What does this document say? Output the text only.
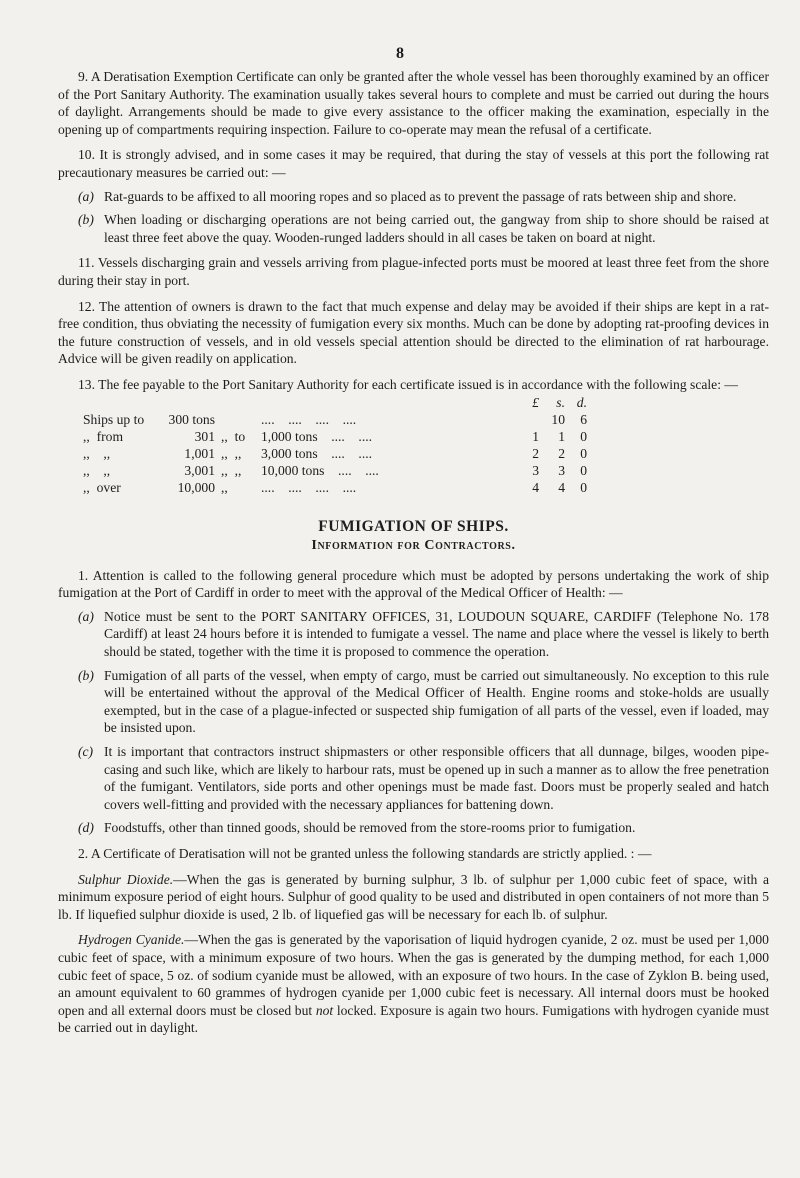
8

9. A Deratisation Exemption Certificate can only be granted after the whole vessel has been thoroughly examined by an officer of the Port Sanitary Authority. The examination usually takes several hours to complete and must be carried out during the hours of daylight. Arrangements should be made to give every assistance to the officer making the examination, especially in the opening up of compartments requiring inspection. Failure to co-operate may mean the refusal of a certificate.

10. It is strongly advised, and in some cases it may be required, that during the stay of vessels at this port the following rat precautionary measures be carried out: —

(a) Rat-guards to be affixed to all mooring ropes and so placed as to prevent the passage of rats between ship and shore.
(b) When loading or discharging operations are not being carried out, the gangway from ship to shore should be raised at least three feet above the quay. Wooden-runged ladders should in all cases be taken on board at night.

11. Vessels discharging grain and vessels arriving from plague-infected ports must be moored at least three feet from the shore during their stay in port.

12. The attention of owners is drawn to the fact that much expense and delay may be avoided if their ships are kept in a rat-free condition, thus obviating the necessity of fumigation every six months. Much can be done by adopting rat-proofing devices in the future construction of vessels, and in old vessels special attention should be directed to the elimination of rat harbourage. Advice will be given readily on application.

13. The fee payable to the Port Sanitary Authority for each certificate issued is in accordance with the following scale: —

				£	s.	d.
Ships up to	300 tons		....    ....    ....    ....		10	6
,,  from	301	,,  to	1,000 tons    ....    ....	1	1	0
,,    ,,	1,001	,,  ,,	3,000 tons    ....    ....	2	2	0
,,    ,,	3,001	,,  ,,	10,000 tons    ....    ....	3	3	0
,,  over	10,000	,,	....    ....    ....    ....	4	4	0
FUMIGATION OF SHIPS.
Information for Contractors.

1. Attention is called to the following general procedure which must be adopted by persons undertaking the work of ship fumigation at the Port of Cardiff in order to meet with the approval of the Medical Officer of Health: —

(a) Notice must be sent to the PORT SANITARY OFFICES, 31, LOUDOUN SQUARE, CARDIFF (Telephone No. 178 Cardiff) at least 24 hours before it is intended to fumigate a vessel. The name and place where the vessel is likely to berth should be stated, together with the time it is proposed to commence the operation.
(b) Fumigation of all parts of the vessel, when empty of cargo, must be carried out simultaneously. No exception to this rule will be entertained without the approval of the Medical Officer of Health. Engine rooms and stoke-holds are usually exempted, but in the case of a plague-infected or suspected ship fumigation of all parts of the vessel, even if loaded, may be insisted upon.
(c) It is important that contractors instruct shipmasters or other responsible officers that all dunnage, bilges, wooden pipe-casing and such like, which are likely to harbour rats, must be opened up in such a manner as to allow the free penetration of the fumigant. Ventilators, side ports and other openings must be made fast. Doors must be properly sealed and hatch covers well-fitting and provided with the necessary appliances for battening down.
(d) Foodstuffs, other than tinned goods, should be removed from the store-rooms prior to fumigation.

2. A Certificate of Deratisation will not be granted unless the following standards are strictly applied. : —

Sulphur Dioxide.—When the gas is generated by burning sulphur, 3 lb. of sulphur per 1,000 cubic feet of space, with a minimum exposure period of eight hours. Sulphur of good quality to be used and distributed in open containers of not more than 5 lb. If liquefied sulphur dioxide is used, 2 lb. of liquefied gas will be necessary for each lb. of sulphur.

Hydrogen Cyanide.—When the gas is generated by the vaporisation of liquid hydrogen cyanide, 2 oz. must be used per 1,000 cubic feet of space, with a minimum exposure of two hours. When the gas is generated by the dumping method, for each 1,000 cubic feet of space, 5 oz. of sodium cyanide must be allowed, with an exposure of two hours. In the case of Zyklon B. being used, an amount equivalent to 60 grammes of hydrogen cyanide per 1,000 cubic feet is necessary. All internal doors must be hooked open and all external doors must be closed but not locked. Exposure is again two hours. Fumigations with hydrogen cyanide must be carried out in daylight.
